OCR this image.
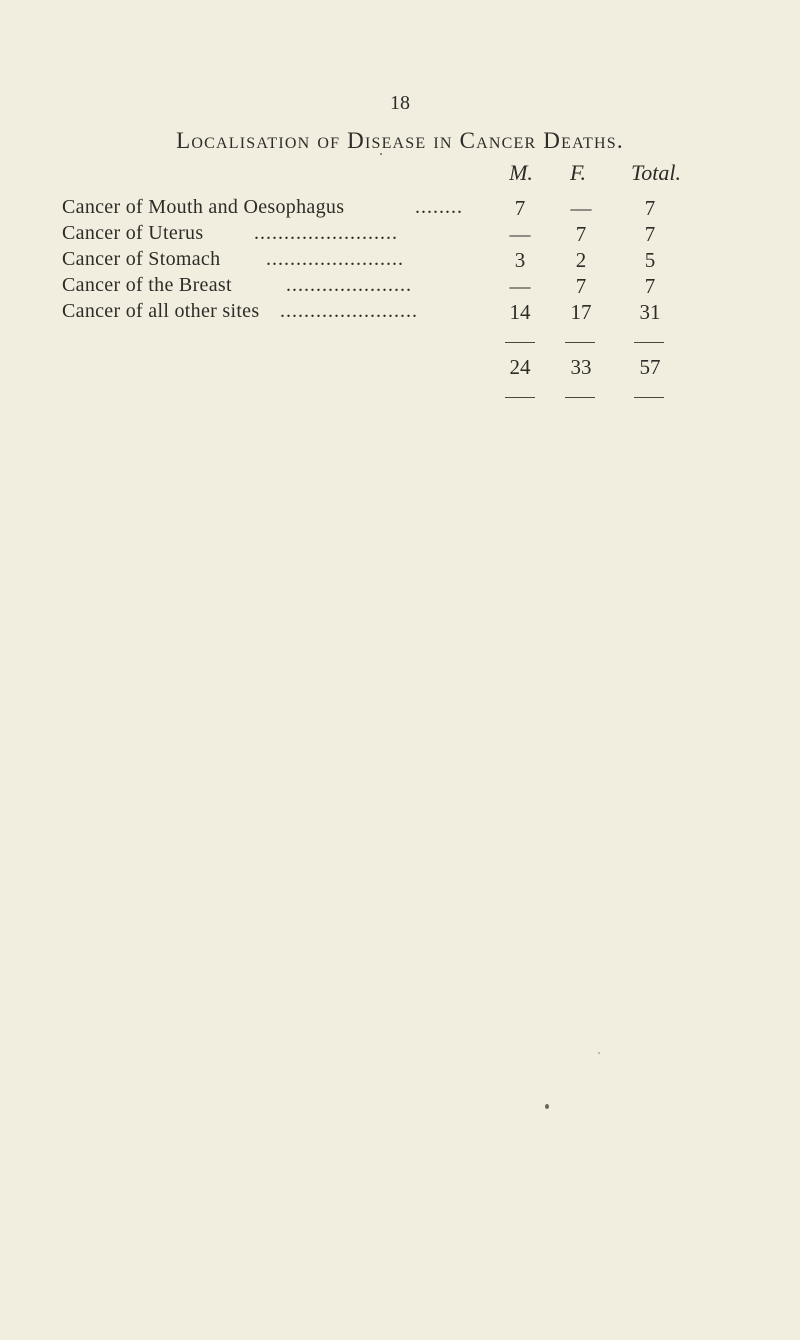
18
Localisation of Disease in Cancer Deaths.
M.	F.	Total.
Cancer of Mouth and Oesophagus	........	7	—	7
Cancer of Uterus	........................	—	7	7
Cancer of Stomach .......................	3	2	5
Cancer of the Breast	.....................	—	7	7
Cancer of all other sites .......................	14	17	31
24	33	57
